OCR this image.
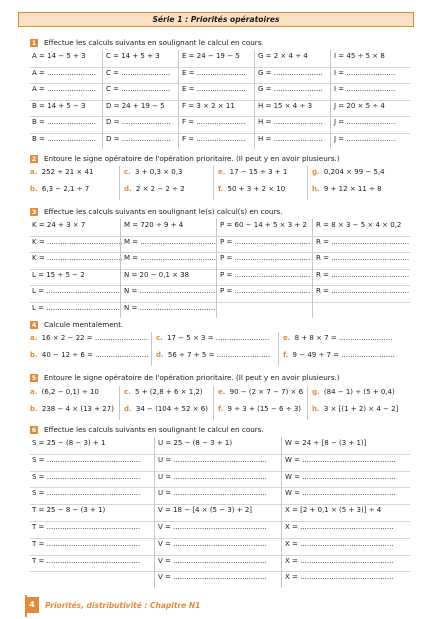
Série 1 : Priorités opératoires
1 Effectue les calculs suivants en soulignant le calcul en cours.
A = 14 − 5 + 3	C = 14 + 5 + 3	E = 24 − 19 − 5	G = 2 × 4 ÷ 4	I = 45 ÷ 5 × 8
A = ...................... C = ...................... E = ...................... G = ...................... I = ......................
A = ...................... C = ...................... E = ...................... G = ...................... I = ......................
B = 14 + 5 − 3	D = 24 + 19 − 5 F = 3 × 2 × 11	H = 15 × 4 ÷ 3	J = 20 × 5 ÷ 4
B = ...................... D = ...................... F = ...................... H = ...................... J = ......................
B = ...................... D = ...................... F = ...................... H = ...................... J = ......................
2 Entoure le signe opératoire de l'opération prioritaire. (Il peut y en avoir plusieurs.)
a. 252 ÷ 21 × 41	c. 3 + 0,3 × 0,3	e. 17 − 15 ÷ 3 + 1	g. 0,204 × 99 − 5,4
b. 6,3 − 2,1 ÷ 7	d. 2 × 2 − 2 ÷ 2	f. 50 + 3 + 2 × 10	h. 9 + 12 × 11 ÷ 8
3 Effectue les calculs suivants en soulignant le(s) calcul(s) en cours.
K = 24 + 3 × 7	M = 720 ÷ 9 + 4	P = 60 − 14 + 5 × 3 + 2 R = 8 × 3 − 5 × 4 × 0,2
K = .................................. M = .................................. P = .................................. R = ...................................
K = .................................. M = .................................. P = .................................. R = ...................................
L = 15 ÷ 5 − 2	N = 20 − 0,1 × 38	P = .................................. R = ...................................
L = .................................. N = .................................. P = .................................. R = ...................................
L = .................................. N = ..................................
4 Calcule mentalement.
a. 16 × 2 − 22 = ........................ c. 17 − 5 × 3 = ........................ e. 8 + 8 × 7 = ........................
b. 40 − 12 ÷ 6 = ........................ d. 56 ÷ 7 + 5 = ........................ f. 9 − 49 ÷ 7 = ........................
5 Entoure le signe opératoire de l'opération prioritaire. (Il peut y en avoir plusieurs.)
a. (6,2 − 0,1) ÷ 10	c. 5 + (2,8 + 6 × 1,2) e. 90 − (2 × 7 − 7) × 6 g. (84 − 1) ÷ (5 + 0,4)
b. 238 − 4 × (13 + 27) d. 34 − (104 ÷ 52 × 6) f. 9 ÷ 3 + (15 − 6 ÷ 3) h. 3 × [(1 + 2) × 4 − 2]
6 Effectue les calculs suivants en soulignant le calcul en cours.
S = 25 − (8 − 3) + 1	U = 25 − (8 − 3 + 1)	W = 24 ÷ [8 − (3 + 1)]
S = ..........................................	U = ..........................................	W = ..........................................
S = ..........................................	U = ..........................................	W = ..........................................
S = ..........................................	U = ..........................................	W = ..........................................
T = 25 − 8 − (3 + 1)	V = 18 − [4 × (5 − 3) + 2]	X = [2 + 0,1 × (5 + 3)] ÷ 4
T = ..........................................	V = ..........................................	X = ..........................................
T = ..........................................	V = ..........................................	X = ..........................................
T = ..........................................	V = ..........................................	X = ..........................................
V = ..........................................	X = ..........................................
4	Priorités, distributivité : Chapitre N1
